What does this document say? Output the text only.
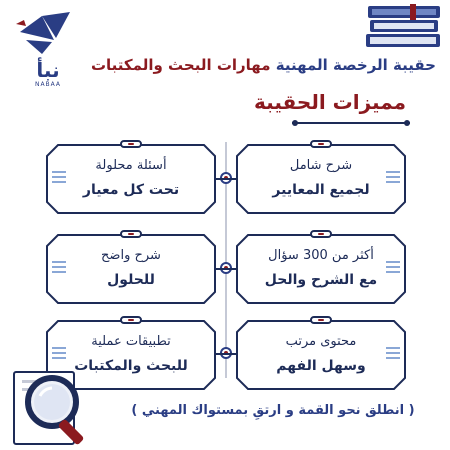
نبأ
NABAA
حقيبة الرخصة المهنية مهارات البحث والمكتبات
مميزات الحقيبة
شرح شامل
لجميع المعايير
أكثر من 300 سؤال
مع الشرح والحل
محتوى مرتب
وسهل الفهم
أسئلة محلولة
تحت كل معيار
شرح واضح
للحلول
تطبيقات عملية
للبحث والمكتبات
( انطلق نحو القمة و ارتقِ بمستواك المهني )
